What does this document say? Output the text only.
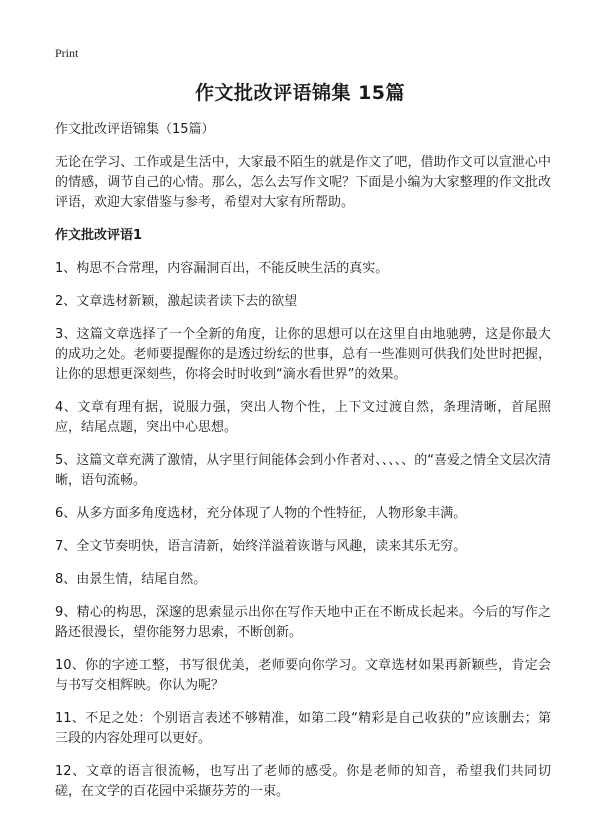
Print
作文批改评语锦集 15篇

作文批改评语锦集（15篇）

无论在学习、工作或是生活中，大家最不陌生的就是作文了吧，借助作文可以宣泄心中的情感，调节自己的心情。那么，怎么去写作文呢？下面是小编为大家整理的作文批改评语，欢迎大家借鉴与参考，希望对大家有所帮助。

作文批改评语1
1、构思不合常理，内容漏洞百出，不能反映生活的真实。
2、文章选材新颖，激起读者读下去的欲望
3、这篇文章选择了一个全新的角度，让你的思想可以在这里自由地驰骋，这是你最大的成功之处。老师要提醒你的是透过纷纭的世事，总有一些准则可供我们处世时把握，让你的思想更深刻些，你将会时时收到“滴水看世界”的效果。
4、文章有理有据，说服力强，突出人物个性，上下文过渡自然，条理清晰，首尾照应，结尾点题，突出中心思想。
5、这篇文章充满了激情，从字里行间能体会到小作者对、、、、、的“喜爱之情全文层次清晰，语句流畅。
6、从多方面多角度选材，充分体现了人物的个性特征，人物形象丰满。
7、全文节奏明快，语言清新，始终洋溢着诙谐与风趣，读来其乐无穷。
8、由景生情，结尾自然。
9、精心的构思，深邃的思索显示出你在写作天地中正在不断成长起来。今后的写作之路还很漫长，望你能努力思索，不断创新。
10、你的字迹工整，书写很优美，老师要向你学习。文章选材如果再新颖些，肯定会与书写交相辉映。你认为呢？
11、不足之处：个别语言表述不够精准，如第二段“精彩是自己收获的”应该删去；第三段的内容处理可以更好。
12、文章的语言很流畅，也写出了老师的感受。你是老师的知音，希望我们共同切磋，在文学的百花园中采撷芬芳的一束。
